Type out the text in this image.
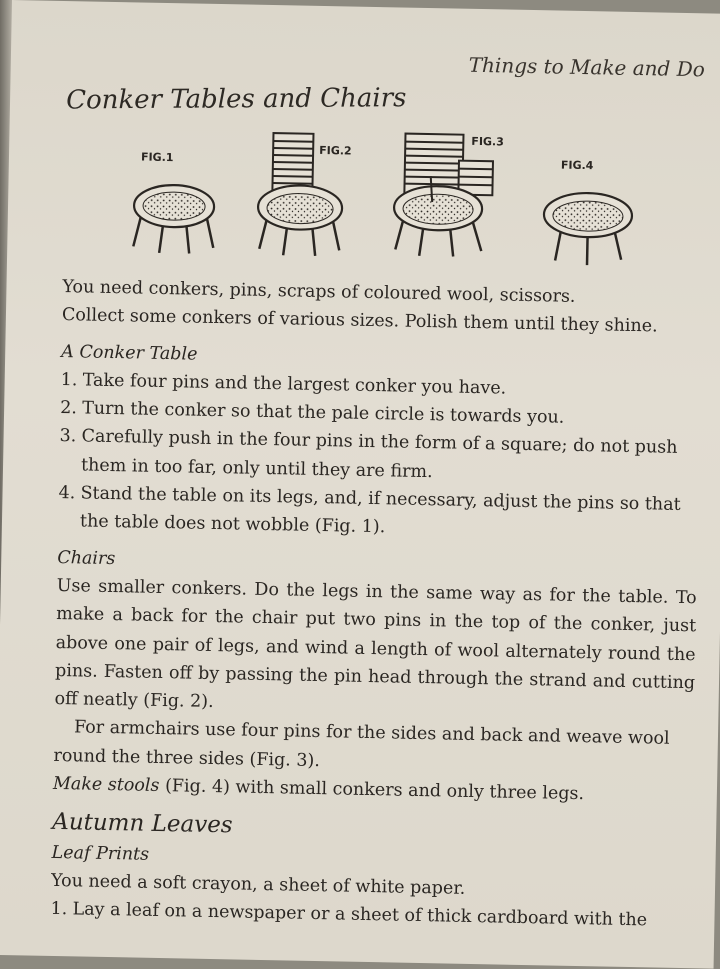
Things to Make and Do
Conker Tables and Chairs
FIG.1	FIG.2
FIG.3
FIG.4

You need conkers, pins, scraps of coloured wool, scissors.

Collect some conkers of various sizes. Polish them until they shine.

A Conker Table

1. Take four pins and the largest conker you have.
2. Turn the conker so that the pale circle is towards you.
3. Carefully push in the four pins in the form of a square; do not push them in too far, only until they are firm.
4. Stand the table on its legs, and, if necessary, adjust the pins so that the table does not wobble (Fig. 1).

Chairs

Use smaller conkers. Do the legs in the same way as for the table. To make a back for the chair put two pins in the top of the conker, just above one pair of legs, and wind a length of wool alternately round the pins. Fasten off by passing the pin head through the strand and cutting off neatly (Fig. 2).

For armchairs use four pins for the sides and back and weave wool round the three sides (Fig. 3).

Make stools (Fig. 4) with small conkers and only three legs.

Autumn Leaves

Leaf Prints

You need a soft crayon, a sheet of white paper.

1. Lay a leaf on a newspaper or a sheet of thick cardboard with the
